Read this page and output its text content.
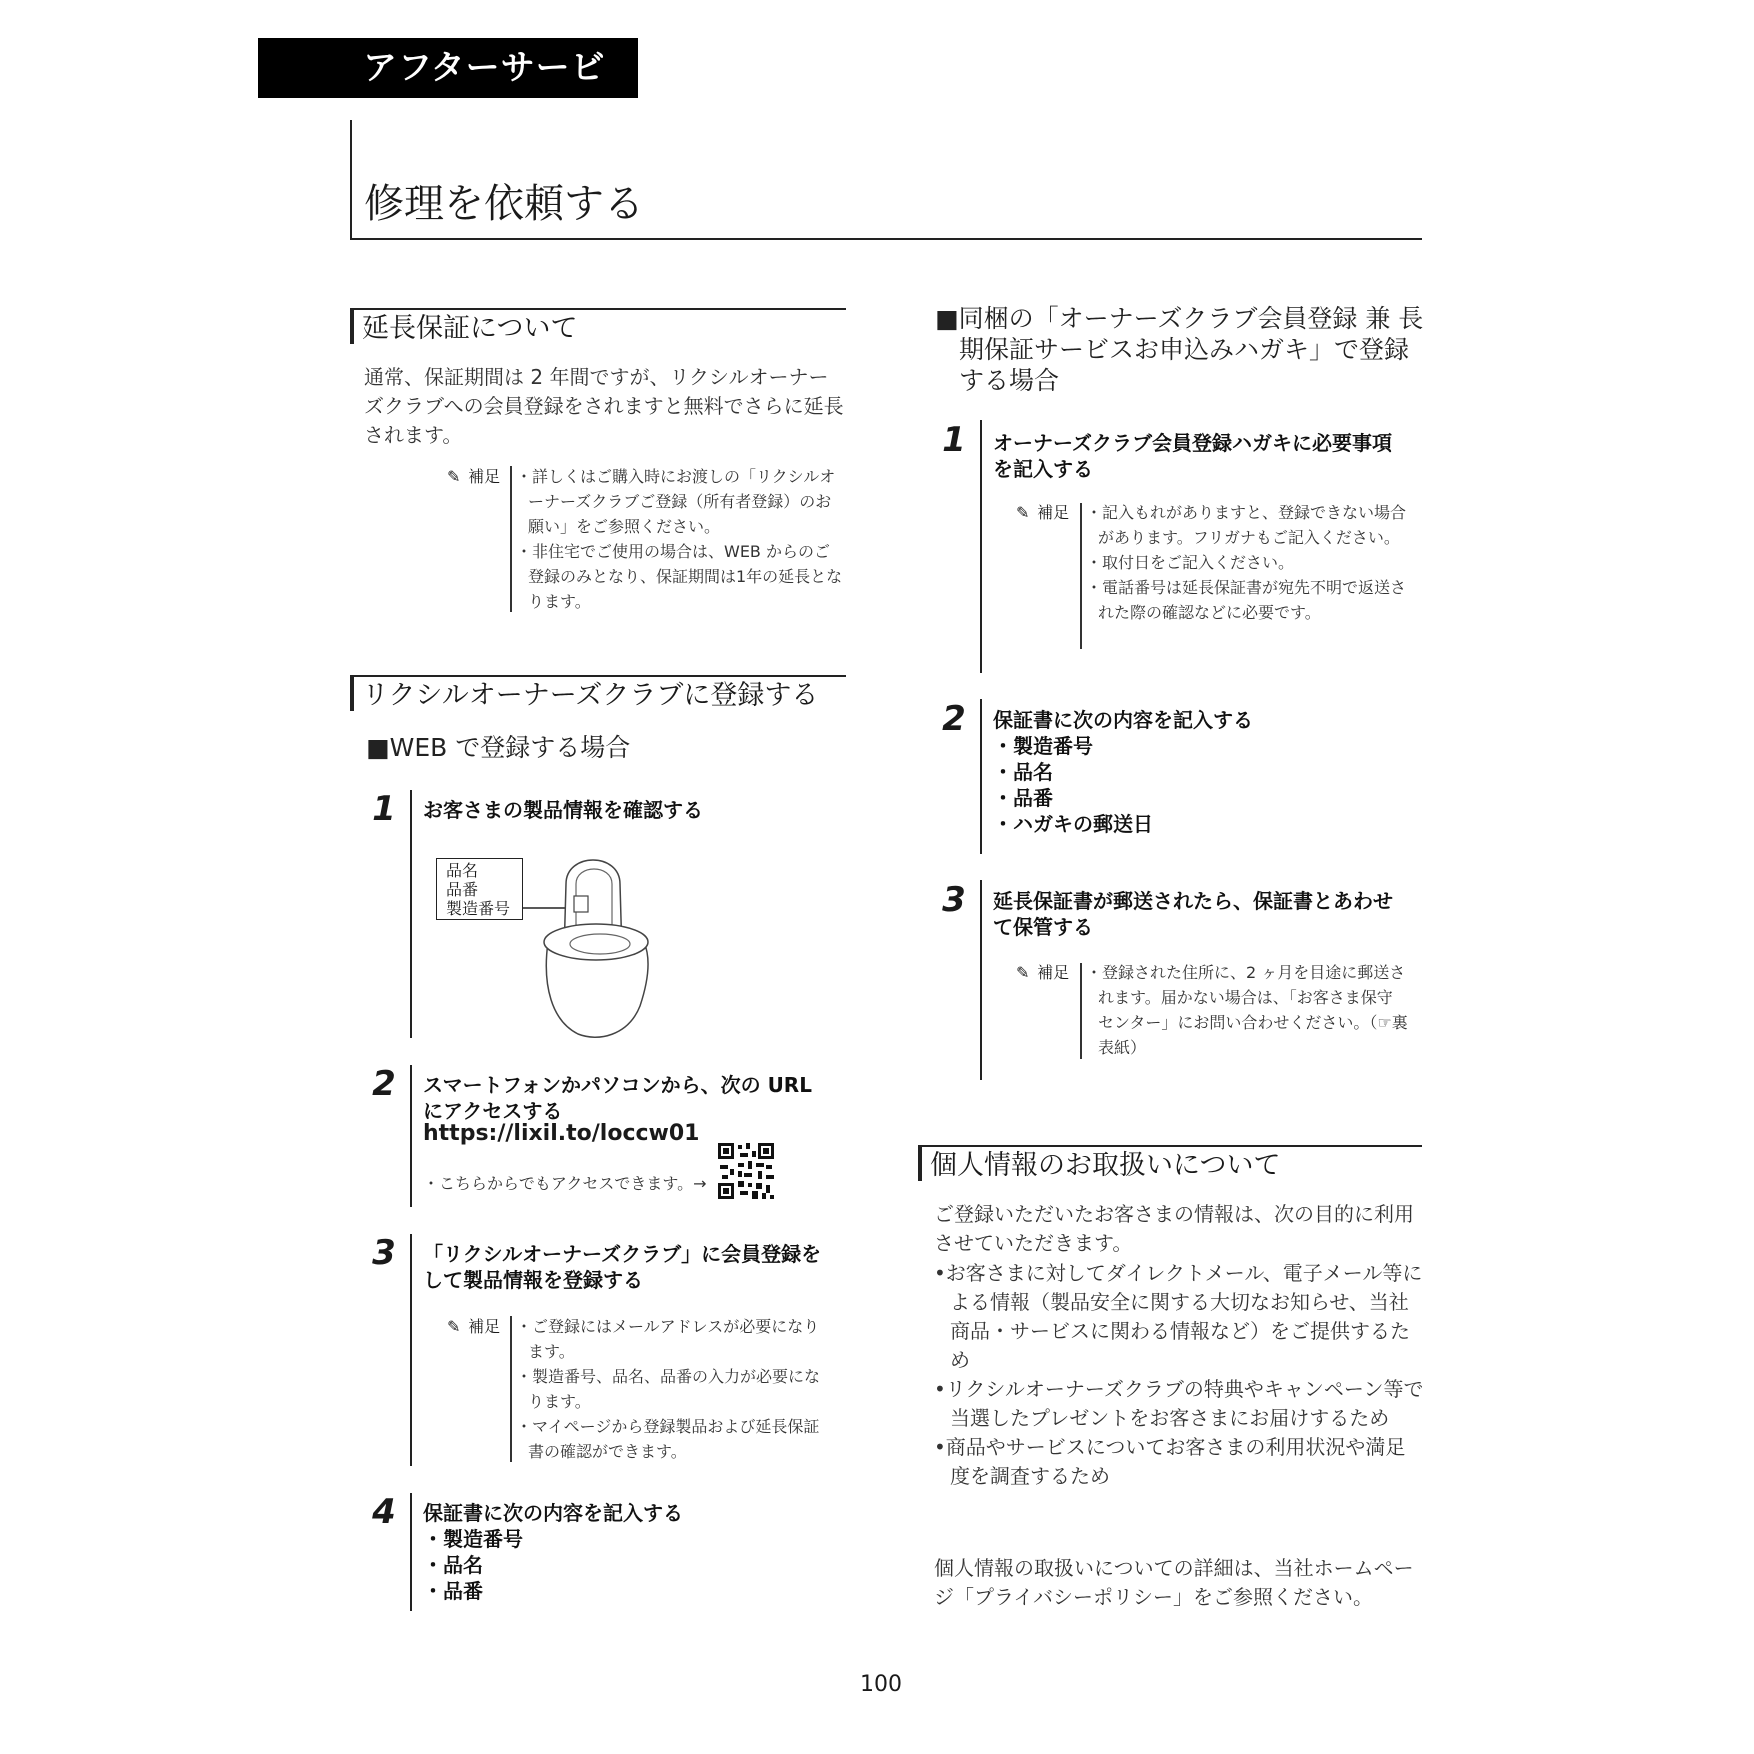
アフターサービス
修理を依頼する
延長保証について
通常、保証期間は 2 年間ですが、リクシルオーナーズクラブへの会員登録をされますと無料でさらに延長されます。
✎ 補足 ・詳しくはご購入時にお渡しの「リクシルオーナーズクラブご登録（所有者登録）のお願い」をご参照ください。

・非住宅でご使用の場合は、WEB からのご登録のみとなり、保証期間は1年の延長となります。

リクシルオーナーズクラブに登録する
■WEB で登録する場合
1	お客さまの製品情報を確認する
品名
品番
製造番号
2	スマートフォンかパソコンから、次の URL にアクセスする
https://lixil.to/loccw01
・こちらからでもアクセスできます。→
3	「リクシルオーナーズクラブ」に会員登録をして製品情報を登録する
✎ 補足 ・ご登録にはメールアドレスが必要になります。

・製造番号、品名、品番の入力が必要になります。

・マイページから登録製品および延長保証書の確認ができます。

4	保証書に次の内容を記入する
・製造番号
・品名
・品番
■同梱の「オーナーズクラブ会員登録 兼 長期保証サービスお申込みハガキ」で登録する場合
1	オーナーズクラブ会員登録ハガキに必要事項を記入する
✎ 補足 ・記入もれがありますと、登録できない場合があります。フリガナもご記入ください。

・取付日をご記入ください。

・電話番号は延長保証書が宛先不明で返送された際の確認などに必要です。

2	保証書に次の内容を記入する
・製造番号
・品名
・品番
・ハガキの郵送日
3	延長保証書が郵送されたら、保証書とあわせて保管する
✎ 補足 ・登録された住所に、2 ヶ月を目途に郵送されます。届かない場合は、「お客さま保守センター」にお問い合わせください。（☞裏表紙）

個人情報のお取扱いについて
ご登録いただいたお客さまの情報は、次の目的に利用させていただきます。

•お客さまに対してダイレクトメール、電子メール等による情報（製品安全に関する大切なお知らせ、当社商品・サービスに関わる情報など）をご提供するため

•リクシルオーナーズクラブの特典やキャンペーン等で当選したプレゼントをお客さまにお届けするため

•商品やサービスについてお客さまの利用状況や満足度を調査するため

個人情報の取扱いについての詳細は、当社ホームページ「プライバシーポリシー」をご参照ください。
100
